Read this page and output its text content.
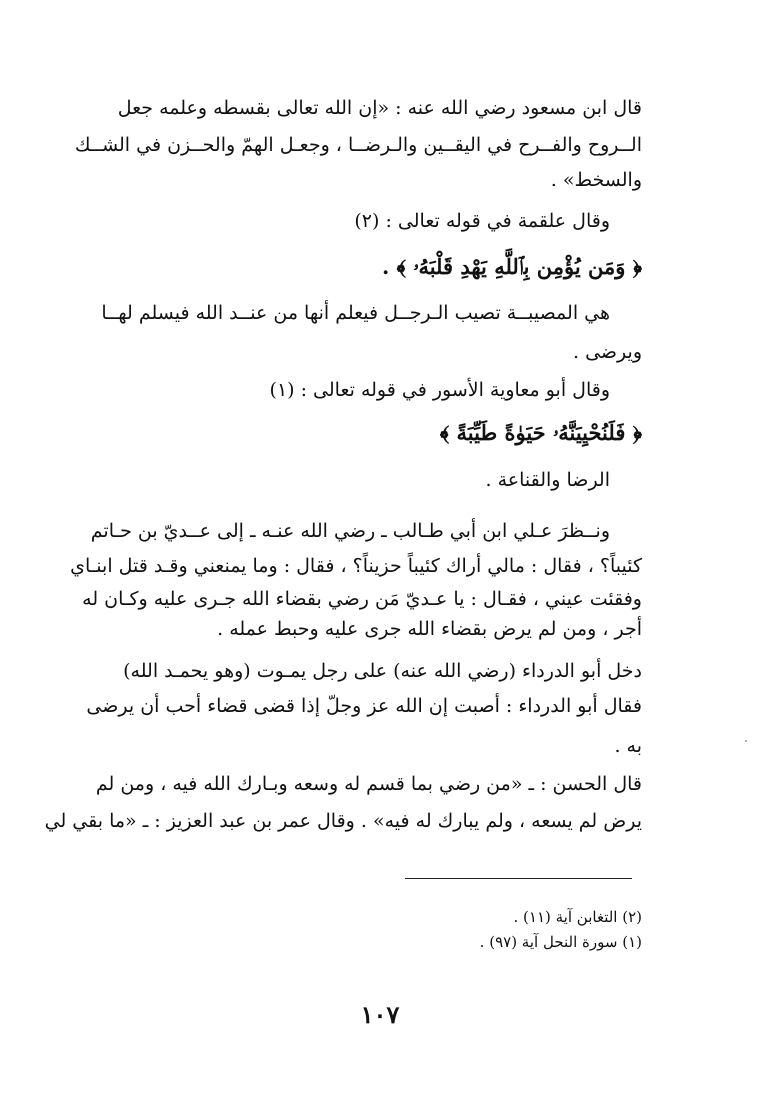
قال ابن مسعود رضي الله عنه : «إن الله تعالى بقسطه وعلمه جعل

الــروح والفــرح في اليقــين والـرضــا ، وجعـل الهمّ والحــزن في الشــك

والسخط» .

وقال علقمة في قوله تعالى : (٢)

﴿ وَمَن يُؤْمِن بِٱللَّهِ يَهْدِ قَلْبَهُۥ ﴾ .

هي المصيبــة تصيب الـرجــل فيعلم أنها من عنــد الله فيسلم لهــا

ويرضى .

وقال أبو معاوية الأسور في قوله تعالى : (١)

﴿ فَلَنُحْيِيَنَّهُۥ حَيَوٰةً طَيِّبَةً ﴾

الرضا والقناعة .

ونــظرَ عـلي ابن أبي طـالب ـ رضي الله عنـه ـ إلى عــديّ بن حـاتم

كئيباً؟ ، فقال : مالي أراك كئيباً حزيناً؟ ، فقال : وما يمنعني وقـد قتل ابنـاي

وفقئت عيني ، فقـال : يا عـديّ مَن رضي بقضاء الله جـرى عليه وكـان له

أجر ، ومن لم يرض بقضاء الله جرى عليه وحبط عمله .

دخل أبو الدرداء (رضي الله عنه) على رجل يمـوت (وهو يحمـد الله)

فقال أبو الدرداء : أصبت إن الله عز وجلّ إذا قضى قضاء أحب أن يرضى

به .

قال الحسن : ـ «من رضي بما قسم له وسعه وبـارك الله فيه ، ومن لم

يرض لم يسعه ، ولم يبارك له فيه» . وقال عمر بن عبد العزيز : ـ «ما بقي لي

(٢) التغابن آية (١١) .
(١) سورة النحل آية (٩٧) .
١٠٧
